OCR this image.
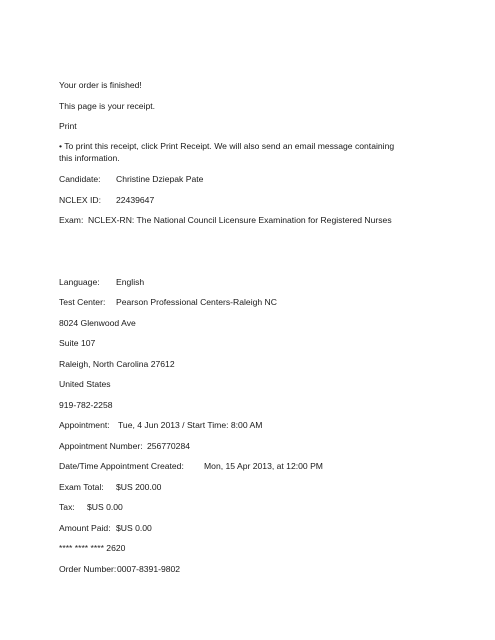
Your order is finished!
This page is your receipt.
Print
• To print this receipt, click Print Receipt. We will also send an email message containing this information.
Candidate: Christine Dziepak Pate
NCLEX ID: 22439647
Exam: NCLEX-RN: The National Council Licensure Examination for Registered Nurses
Language: English
Test Center: Pearson Professional Centers-Raleigh NC
8024 Glenwood Ave
Suite 107
Raleigh, North Carolina 27612
United States
919-782-2258
Appointment: Tue, 4 Jun 2013 / Start Time: 8:00 AM
Appointment Number: 256770284
Date/Time Appointment Created: Mon, 15 Apr 2013, at 12:00 PM
Exam Total: $US 200.00
Tax: $US 0.00
Amount Paid: $US 0.00
**** **** **** 2620
Order Number:0007-8391-9802
